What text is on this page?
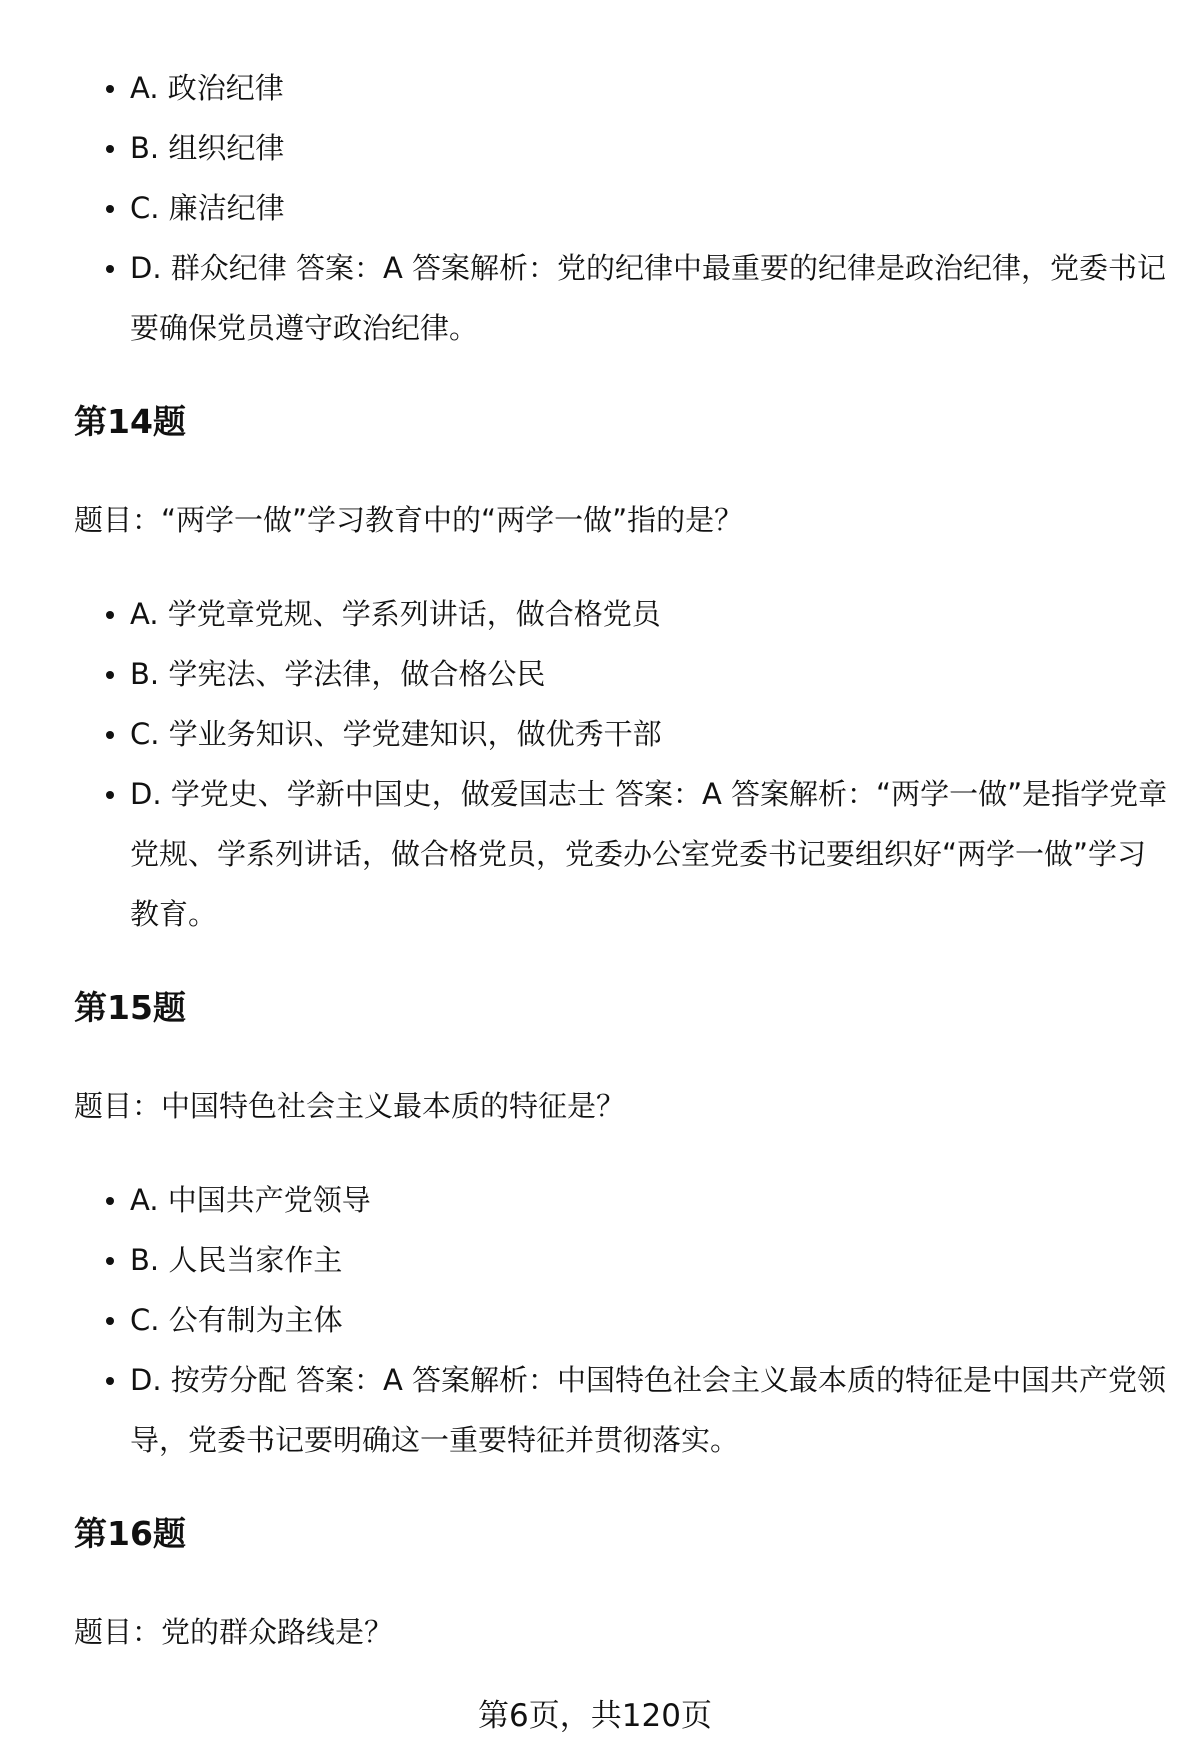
A. 政治纪律
B. 组织纪律
C. 廉洁纪律
D. 群众纪律 答案：A 答案解析：党的纪律中最重要的纪律是政治纪律，党委书记要确保党员遵守政治纪律。
第14题

题目：“两学一做”学习教育中的“两学一做”指的是？

A. 学党章党规、学系列讲话，做合格党员
B. 学宪法、学法律，做合格公民
C. 学业务知识、学党建知识，做优秀干部
D. 学党史、学新中国史，做爱国志士 答案：A 答案解析：“两学一做”是指学党章党规、学系列讲话，做合格党员，党委办公室党委书记要组织好“两学一做”学习教育。
第15题

题目：中国特色社会主义最本质的特征是？

A. 中国共产党领导
B. 人民当家作主
C. 公有制为主体
D. 按劳分配 答案：A 答案解析：中国特色社会主义最本质的特征是中国共产党领导，党委书记要明确这一重要特征并贯彻落实。
第16题

题目：党的群众路线是？

第6页，共120页
